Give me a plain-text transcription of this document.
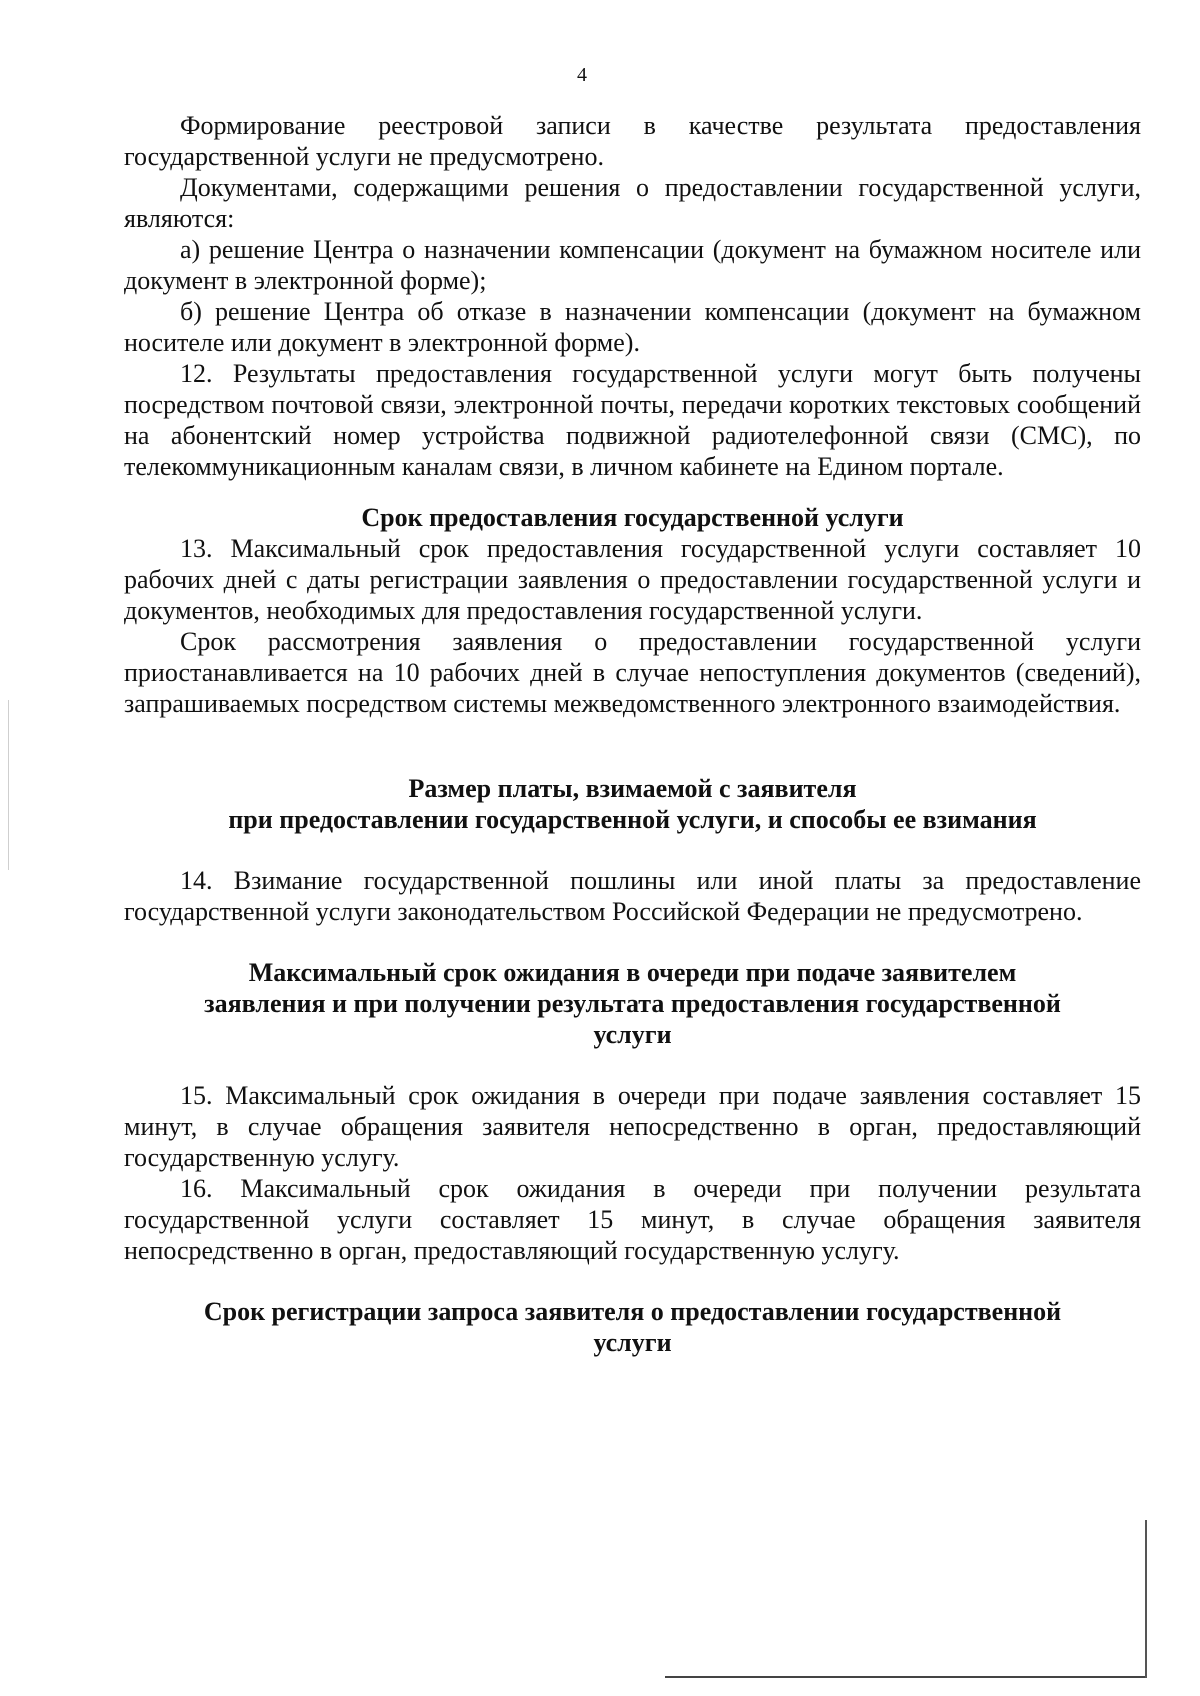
4

Формирование реестровой записи в качестве результата предоставления государственной услуги не предусмотрено.

Документами, содержащими решения о предоставлении государственной услуги, являются:

а) решение Центра о назначении компенсации (документ на бумажном носителе или документ в электронной форме);

б) решение Центра об отказе в назначении компенсации (документ на бумажном носителе или документ в электронной форме).

12. Результаты предоставления государственной услуги могут быть получены посредством почтовой связи, электронной почты, передачи коротких текстовых сообщений на абонентский номер устройства подвижной радиотелефонной связи (СМС), по телекоммуникационным каналам связи, в личном кабинете на Едином портале.

Срок предоставления государственной услуги

13. Максимальный срок предоставления государственной услуги составляет 10 рабочих дней с даты регистрации заявления о предоставлении государственной услуги и документов, необходимых для предоставления государственной услуги.

Срок рассмотрения заявления о предоставлении государственной услуги приостанавливается на 10 рабочих дней в случае непоступления документов (сведений), запрашиваемых посредством системы межведомственного электронного взаимодействия.

Размер платы, взимаемой с заявителя
при предоставлении государственной услуги, и способы ее взимания

14. Взимание государственной пошлины или иной платы за предоставление государственной услуги законодательством Российской Федерации не предусмотрено.

Максимальный срок ожидания в очереди при подаче заявителем
заявления и при получении результата предоставления государственной
услуги

15. Максимальный срок ожидания в очереди при подаче заявления составляет 15 минут, в случае обращения заявителя непосредственно в орган, предоставляющий государственную услугу.

16. Максимальный срок ожидания в очереди при получении результата государственной услуги составляет 15 минут, в случае обращения заявителя непосредственно в орган, предоставляющий государственную услугу.

Срок регистрации запроса заявителя о предоставлении государственной
услуги
